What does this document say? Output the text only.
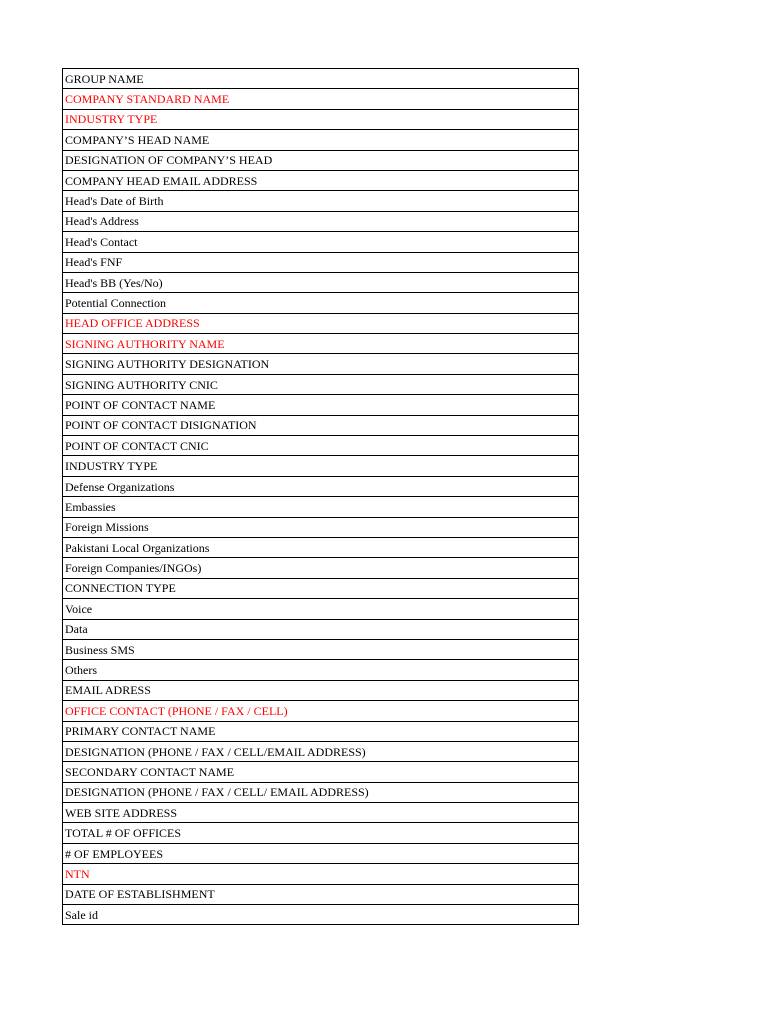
GROUP NAME
COMPANY STANDARD NAME
INDUSTRY TYPE
COMPANY’S HEAD NAME
DESIGNATION OF COMPANY’S HEAD
COMPANY HEAD EMAIL ADDRESS
Head's Date of Birth
Head's Address
Head's Contact
Head's FNF
Head's BB (Yes/No)
Potential Connection
HEAD OFFICE ADDRESS
SIGNING AUTHORITY NAME
SIGNING AUTHORITY DESIGNATION
SIGNING AUTHORITY CNIC
POINT OF CONTACT NAME
POINT OF CONTACT DISIGNATION
POINT OF CONTACT CNIC
INDUSTRY TYPE
Defense Organizations
Embassies
Foreign Missions
Pakistani Local Organizations
Foreign Companies/INGOs)
CONNECTION TYPE
Voice
Data
Business SMS
Others
EMAIL ADRESS
OFFICE CONTACT (PHONE / FAX / CELL)
PRIMARY CONTACT NAME
DESIGNATION (PHONE / FAX / CELL/EMAIL ADDRESS)
SECONDARY CONTACT NAME
DESIGNATION (PHONE / FAX / CELL/ EMAIL ADDRESS)
WEB SITE ADDRESS
TOTAL # OF OFFICES
# OF EMPLOYEES
NTN
DATE OF ESTABLISHMENT
Sale id
